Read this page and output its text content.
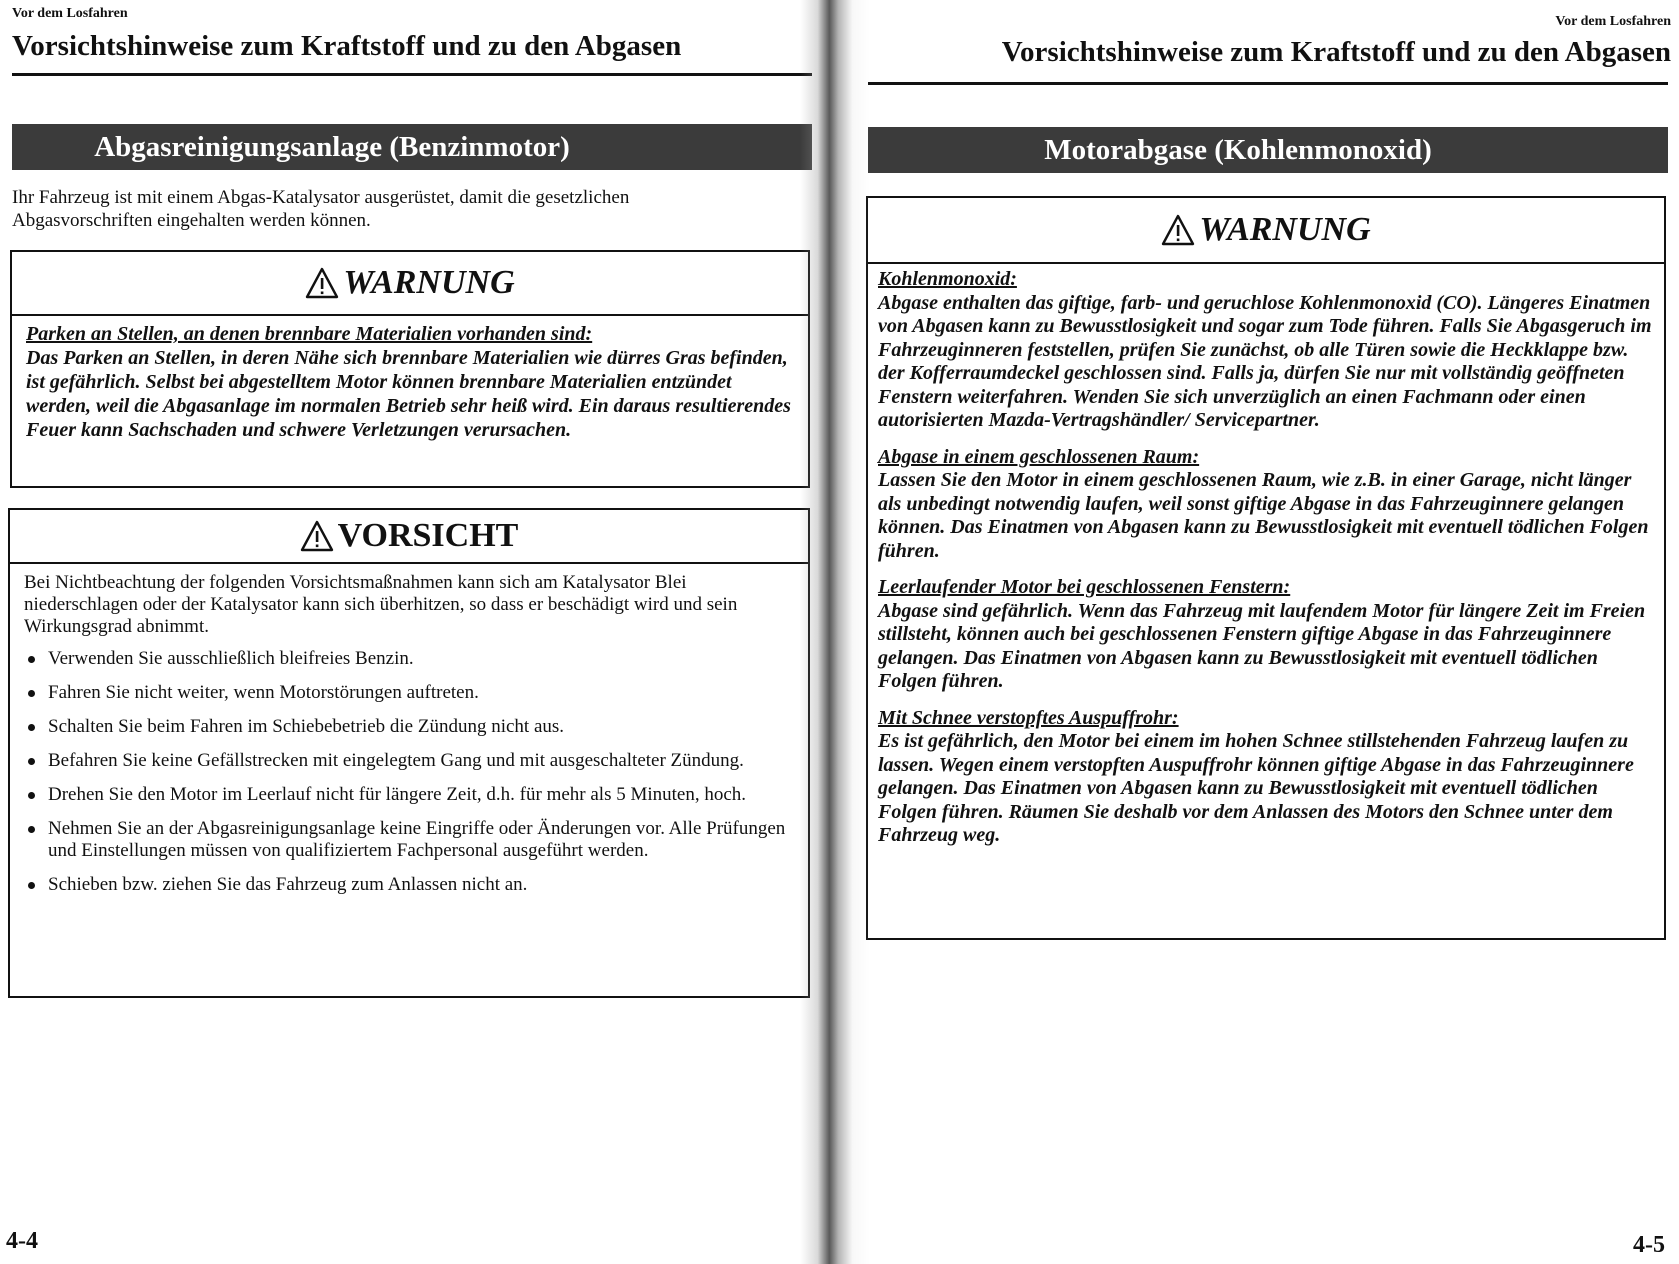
Vor dem Losfahren
Vorsichtshinweise zum Kraftstoff und zu den Abgasen
Abgasreinigungsanlage (Benzinmotor)
Ihr Fahrzeug ist mit einem Abgas-Katalysator ausgerüstet, damit die gesetzlichen Abgasvorschriften eingehalten werden können.
WARNUNG
Parken an Stellen, an denen brennbare Materialien vorhanden sind:

Das Parken an Stellen, in deren Nähe sich brennbare Materialien wie dürres Gras befinden, ist gefährlich. Selbst bei abgestelltem Motor können brennbare Materialien entzündet werden, weil die Abgasanlage im normalen Betrieb sehr heiß wird. Ein daraus resultierendes Feuer kann Sachschaden und schwere Verletzungen verursachen.

VORSICHT

Bei Nichtbeachtung der folgenden Vorsichtsmaßnahmen kann sich am Katalysator Blei niederschlagen oder der Katalysator kann sich überhitzen, so dass er beschädigt wird und sein Wirkungsgrad abnimmt.

Verwenden Sie ausschließlich bleifreies Benzin.
Fahren Sie nicht weiter, wenn Motorstörungen auftreten.
Schalten Sie beim Fahren im Schiebebetrieb die Zündung nicht aus.
Befahren Sie keine Gefällstrecken mit eingelegtem Gang und mit ausgeschalteter Zündung.
Drehen Sie den Motor im Leerlauf nicht für längere Zeit, d.h. für mehr als 5 Minuten, hoch.
Nehmen Sie an der Abgasreinigungsanlage keine Eingriffe oder Änderungen vor. Alle Prüfungen und Einstellungen müssen von qualifiziertem Fachpersonal ausgeführt werden.
Schieben bzw. ziehen Sie das Fahrzeug zum Anlassen nicht an.
4-4
Vor dem Losfahren
Vorsichtshinweise zum Kraftstoff und zu den Abgasen
Motorabgase (Kohlenmonoxid)
WARNUNG
Kohlenmonoxid:

Abgase enthalten das giftige, farb- und geruchlose Kohlenmonoxid (CO). Längeres Einatmen von Abgasen kann zu Bewusstlosigkeit und sogar zum Tode führen. Falls Sie Abgasgeruch im Fahrzeuginneren feststellen, prüfen Sie zunächst, ob alle Türen sowie die Heckklappe bzw. der Kofferraumdeckel geschlossen sind. Falls ja, dürfen Sie nur mit vollständig geöffneten Fenstern weiterfahren. Wenden Sie sich unverzüglich an einen Fachmann oder einen autorisierten Mazda-Vertragshändler/ Servicepartner.

Abgase in einem geschlossenen Raum:

Lassen Sie den Motor in einem geschlossenen Raum, wie z.B. in einer Garage, nicht länger als unbedingt notwendig laufen, weil sonst giftige Abgase in das Fahrzeuginnere gelangen können. Das Einatmen von Abgasen kann zu Bewusstlosigkeit mit eventuell tödlichen Folgen führen.

Leerlaufender Motor bei geschlossenen Fenstern:

Abgase sind gefährlich. Wenn das Fahrzeug mit laufendem Motor für längere Zeit im Freien stillsteht, können auch bei geschlossenen Fenstern giftige Abgase in das Fahrzeuginnere gelangen. Das Einatmen von Abgasen kann zu Bewusstlosigkeit mit eventuell tödlichen Folgen führen.

Mit Schnee verstopftes Auspuffrohr:

Es ist gefährlich, den Motor bei einem im hohen Schnee stillstehenden Fahrzeug laufen zu lassen. Wegen einem verstopften Auspuffrohr können giftige Abgase in das Fahrzeuginnere gelangen. Das Einatmen von Abgasen kann zu Bewusstlosigkeit mit eventuell tödlichen Folgen führen. Räumen Sie deshalb vor dem Anlassen des Motors den Schnee unter dem Fahrzeug weg.

4-5
